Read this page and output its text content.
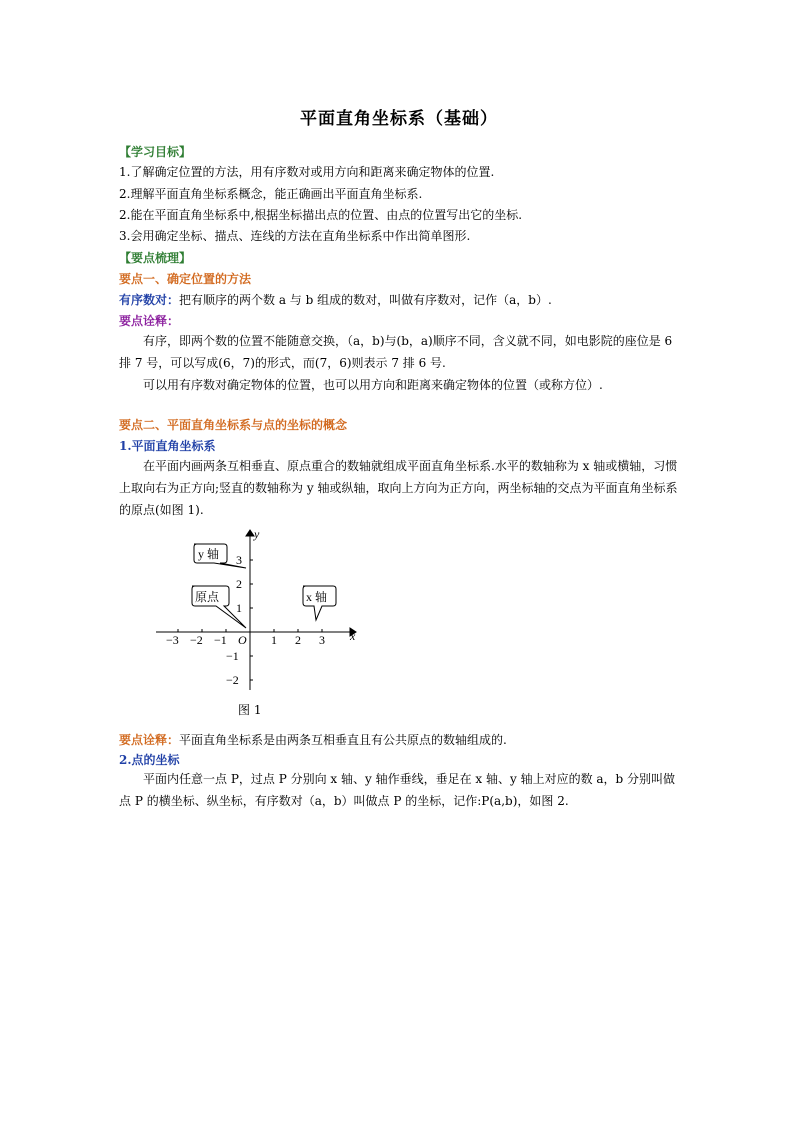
平面直角坐标系（基础）
【学习目标】
1.了解确定位置的方法，用有序数对或用方向和距离来确定物体的位置.
2.理解平面直角坐标系概念，能正确画出平面直角坐标系.
2.能在平面直角坐标系中,根据坐标描出点的位置、由点的位置写出它的坐标.
3.会用确定坐标、描点、连线的方法在直角坐标系中作出简单图形.
【要点梳理】
要点一、确定位置的方法
有序数对：把有顺序的两个数 a 与 b 组成的数对，叫做有序数对，记作（a，b）.
要点诠释：
有序，即两个数的位置不能随意交换，（a，b)与(b，a)顺序不同，含义就不同，如电影院的座位是 6 排 7 号，可以写成(6，7)的形式，而(7，6)则表示 7 排 6 号.
可以用有序数对确定物体的位置，也可以用方向和距离来确定物体的位置（或称方位）.
要点二、平面直角坐标系与点的坐标的概念
1.平面直角坐标系
在平面内画两条互相垂直、原点重合的数轴就组成平面直角坐标系.水平的数轴称为 x 轴或横轴，习惯上取向右为正方向;竖直的数轴称为 y 轴或纵轴，取向上方向为正方向，两坐标轴的交点为平面直角坐标系的原点(如图 1).
要点诠释：平面直角坐标系是由两条互相垂直且有公共原点的数轴组成的.
2.点的坐标
平面内任意一点 P，过点 P 分别向 x 轴、y 轴作垂线，垂足在 x 轴、y 轴上对应的数 a，b 分别叫做点 P 的横坐标、纵坐标，有序数对（a，b）叫做点 P 的坐标，记作:P(a,b)，如图 2.
y
x
O
−3 −2 −1	1 2 3
3
2
1
−1
−2
y 轴
原点	x 轴
图 1
